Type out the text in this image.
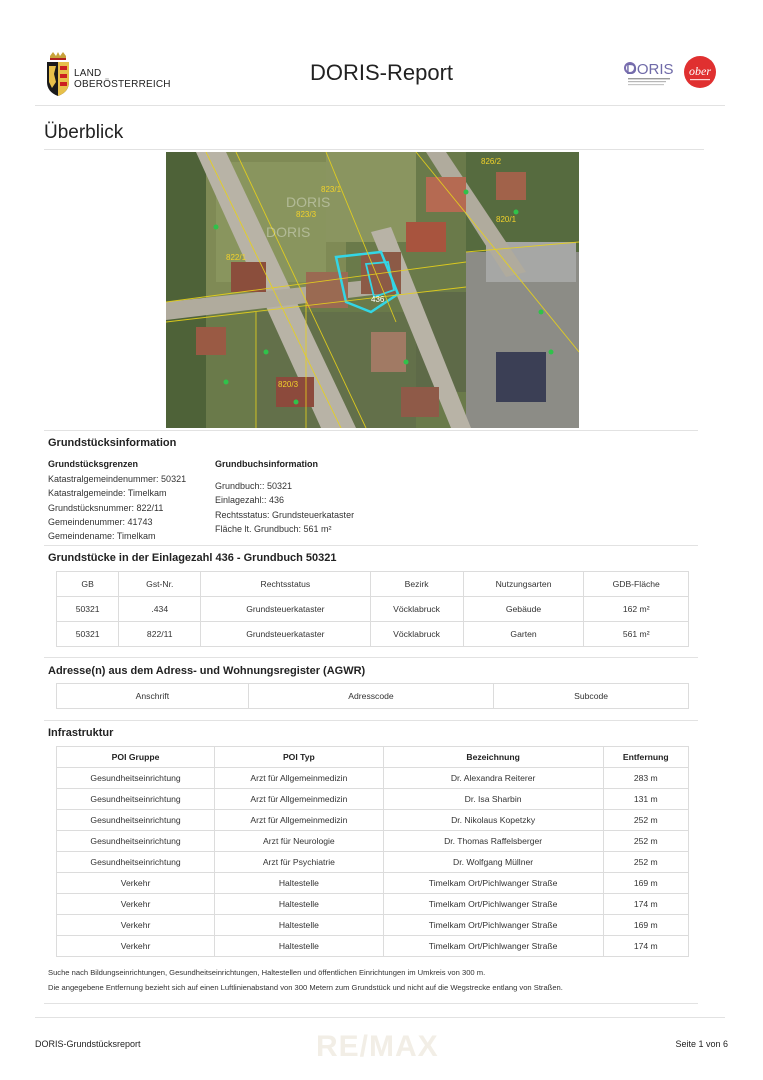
LAND
OBERÖSTERREICH	DORIS-Report	DORIS ober
Überblick
DORIS
DORIS
823/1
823/3
436
822/1
826/2
820/3
820/1
Grundstücksinformation
Grundstücksgrenzen
Katastralgemeindenummer: 50321
Katastralgemeinde: Timelkam
Grundstücksnummer: 822/11
Gemeindenummer: 41743
Gemeindename: Timelkam
Grundbuchsinformation
Grundbuch:: 50321
Einlagezahl:: 436
Rechtsstatus: Grundsteuerkataster
Fläche lt. Grundbuch: 561 m²
Grundstücke in der Einlagezahl 436 - Grundbuch 50321
GB	Gst-Nr.	Rechtsstatus	Bezirk	Nutzungsarten	GDB-Fläche
50321	.434	Grundsteuerkataster	Vöcklabruck	Gebäude	162 m²
50321	822/11	Grundsteuerkataster	Vöcklabruck	Garten	561 m²
Adresse(n) aus dem Adress- und Wohnungsregister (AGWR)
Anschrift	Adresscode	Subcode
Infrastruktur
POI Gruppe	POI Typ	Bezeichnung	Entfernung
Gesundheitseinrichtung	Arzt für Allgemeinmedizin	Dr. Alexandra Reiterer	283 m
Gesundheitseinrichtung	Arzt für Allgemeinmedizin	Dr. Isa Sharbin	131 m
Gesundheitseinrichtung	Arzt für Allgemeinmedizin	Dr. Nikolaus Kopetzky	252 m
Gesundheitseinrichtung	Arzt für Neurologie	Dr. Thomas Raffelsberger	252 m
Gesundheitseinrichtung	Arzt für Psychiatrie	Dr. Wolfgang Müllner	252 m
Verkehr	Haltestelle	Timelkam Ort/Pichlwanger Straße	169 m
Verkehr	Haltestelle	Timelkam Ort/Pichlwanger Straße	174 m
Verkehr	Haltestelle	Timelkam Ort/Pichlwanger Straße	169 m
Verkehr	Haltestelle	Timelkam Ort/Pichlwanger Straße	174 m
Suche nach Bildungseinrichtungen, Gesundheitseinrichtungen, Haltestellen und öffentlichen Einrichtungen im Umkreis von 300 m.
Die angegebene Entfernung bezieht sich auf einen Luftlinienabstand von 300 Metern zum Grundstück und nicht auf die Wegstrecke entlang von Straßen.
RE/MAX
DORIS-Grundstücksreport	Seite 1 von 6
